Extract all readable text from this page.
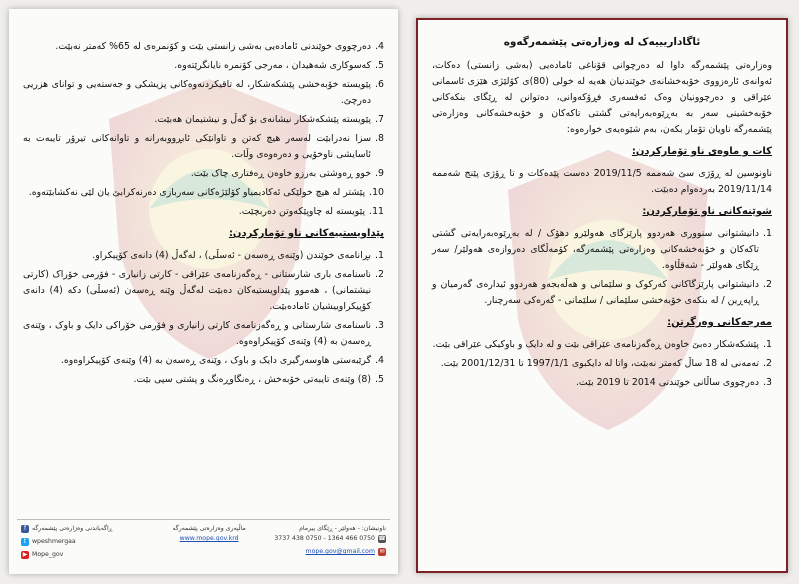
4.
دەرچووی خوێندنی ئامادەیی بەشی زانستی بێت و کۆنمرەی لە 65% کەمتر نەبێت.
5.
کەسوکاری شەهیدان ، مەرجی کۆنمرە نایانگرێتەوە.
6.
پێویستە خۆبەخشی پێشکەشکار، لە تاقیکردنەوەکانی پزیشکی و جەستەیی و توانای هزریی دەرچێ.
7.
پێویستە پێشکەشکار نیشانەی بۆ گەڵ و نیشتیمان هەبێت.
8.
سزا نەدرابێت لەسەر هیچ کەتن و تاوانێکی ئابڕووبەرانە و تاوانەکانی تیرۆر تایبەت بە ئاسایشی ناوخۆیی و دەرەوەی وڵات.
9.
خوو ڕەوشتی بەرزو خاوەن ڕەفتاری چاک بێت.
10.
پێشتر لە هیچ خولێکی ئەکادیمیاو کۆلێژەکانی سەربازی دەرنەکرابێ یان لێی نەکشابێتەوە.
11.
پێویستە لە چاوپێکەوتن دەربچێت.
پێداویستییەکانی ناو تۆمارکردن:
1.
بڕانامەی خوێندن (وێنەی ڕەسەن - ئەسڵی) ، لەگەڵ (4) دانەی کۆپیکراو.
2.
ناسنامەی باری شارستانی - ڕەگەزنامەی عێراقی - کارتی زانیاری - فۆرمی خۆراک (کارتی نیشتمانی) ، هەموو پێداویستیەکان دەبێت لەگەڵ وێنە ڕەسەن (ئەسڵی) دکە (4) دانەی کۆپیکراوییشیان ئامادەبێت.
3.
ناسنامەی شارستانی و ڕەگەزنامەی کارتی زانیاری و فۆرمی خۆراکی دایک و باوک ، وێنەی ڕەسەن بە (4) وێنەی کۆپیکراوەوە.
4.
گرێبەستی هاوسەرگیری دایک و باوک ، وێنەی ڕەسەن بە (4) وێنەی کۆپیکراوەوە.
5.
(8) وێنەی تایبەتی خۆبەخش ، ڕەنگاوڕەنگ و پشتی سپی بێت.
ناونیشان: - هەولێر - ڕێگای پیرمام
☎
0750 466 1364 - 0750 438 3737
✉
mope.gov@gmail.com
ماڵپەری وەزارەتی پێشمەرگە
www.mope.gov.krd
f ڕاگەیاندنی وەزارەتی پێشمەرگە
t wpeshmergaa
▶ Mope_gov
ئاگاداریییەک لە وەزارەتی پێشمەرگەوە

وەزارەتی پێشمەرگە داوا لە دەرچوانی قۆناغی ئامادەیی (بەشی زانستی) دەکات، ئەوانەی ئارەزووی خۆبەخشانەی خوێندنیان هەیە لە خولی (80)ی کۆلێژی هێزی ئاسمانی عێراقی و دەرچوونیان وەک ئەفسەری فڕۆکەوانی، دەتوانن لە ڕێگای بنکەکانی خۆبەخشینی سەر بە بەڕێوەبەرایەتی گشتی تاکەکان و خۆبەخشەکانی وەزارەتی پێشمەرگە ناویان تۆمار بکەن، بەم شێوەیەی خوارەوە:

کات و ماوەی ناو تۆمارکردن:

ناونوسین لە ڕۆژی سێ شەممە 2019/11/5 دەست پێدەکات و تا ڕۆژی پێنج شەممە 2019/11/14 بەردەوام دەبێت.

شوێنەکانی ناو تۆمارکردن:
1.
دانیشتوانی سنووری هەردوو پارێزگای هەولێرو دهۆک / لە بەڕێوەبەرایەتی گشتی تاکەکان و خۆبەخشەکانی وەزارەتی پێشمەرگە، کۆمەڵگای دەروازەی هەولێر/ سەر ڕێگای هەولێر - شەقڵاوە.
2.
دانیشتوانی پارێزگاکانی کەرکوک و سلێمانی و هەڵەبجەو هەردوو ئیدارەی گەرمیان و ڕاپەڕین / لە بنکەی خۆبەخشی سلێمانی / سلێمانی - گەرەکی سەرچنار.
مەرجەکانی وەرگرتن:
1.
پێشکەشکار دەبێ خاوەن ڕەگەزنامەی عێراقی بێت و لە دایک و باوکیکی عێراقی بێت.
2.
تەمەنی لە 18 ساڵ کەمتر نەبێت، واتا لە دایکبوی 1997/1/1 تا 2001/12/31 بێت.
3.
دەرچووی ساڵانی خوێندنی 2014 تا 2019 بێت.
